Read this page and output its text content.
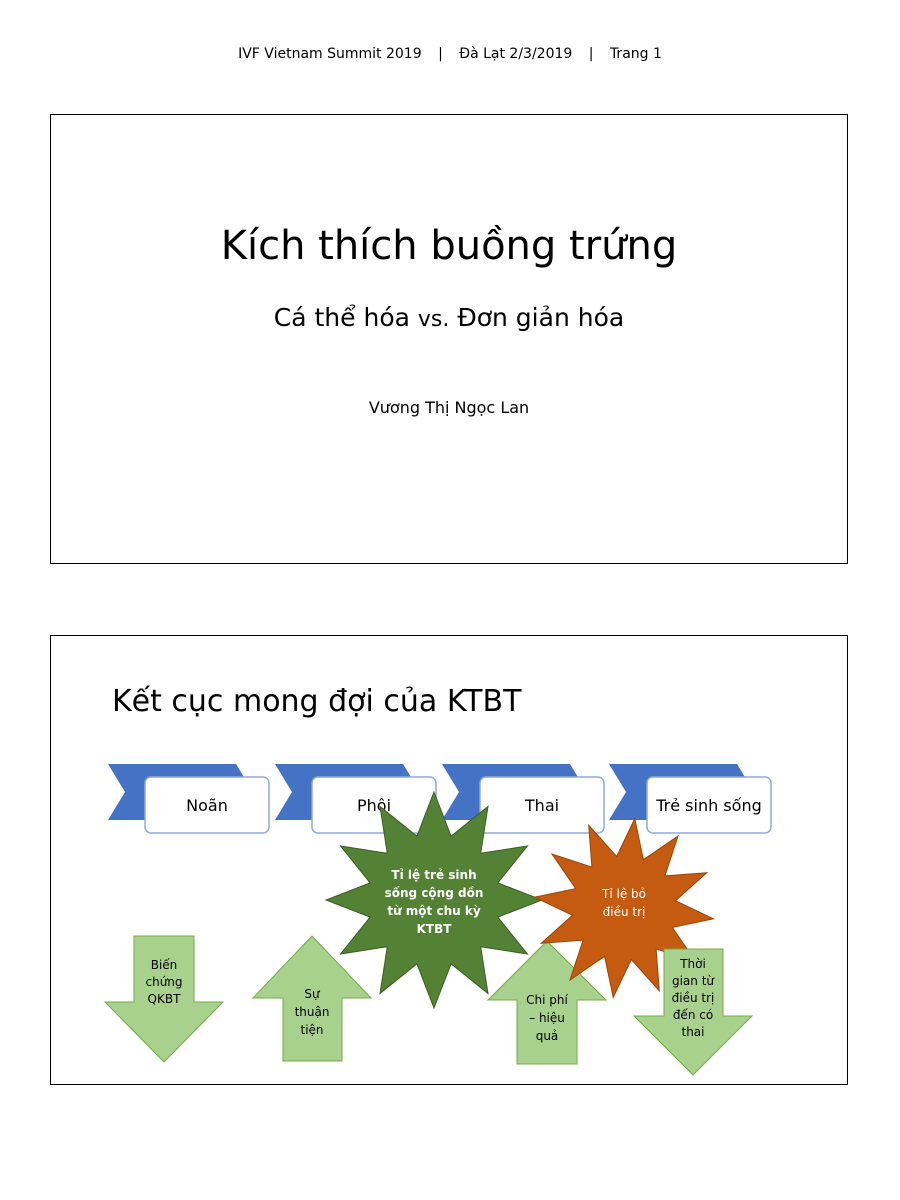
IVF Vietnam Summit 2019 | Đà Lạt 2/3/2019 | Trang 1
Kích thích buồng trứng
Cá thể hóa vs. Đơn giản hóa
Vương Thị Ngọc Lan
Kết cục mong đợi của KTBT
Noãn	Phôi	Thai	Trẻ sinh sống
Biến
chứng
QKBT	Sự
thuận
tiện
Tỉ lệ trẻ sinh
sống cộng dồn
từ một chu kỳ
KTBT
Chi phí
– hiệu
quả
Tỉ lệ bỏ
điều trị
Thời
gian từ
điều trị
đến có
thai
